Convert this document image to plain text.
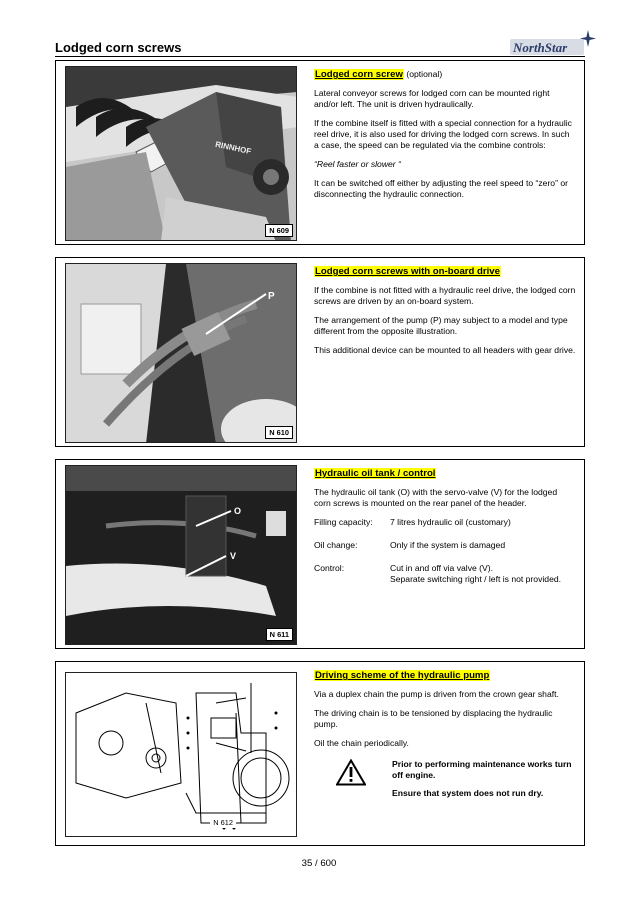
Lodged corn screws	NorthStar
RINNHOF
N 609
Lodged corn screw (optional)

Lateral conveyor screws for lodged corn can be mounted right and/or left. The unit is driven hydraulically.

If the combine itself is fitted with a special connection for a hydraulic reel drive, it is also used for driving the lodged corn screws. In such a case, the speed can be regulated via the combine controls:

“Reel faster or slower “

It can be switched off either by adjusting the reel speed to “zero” or disconnecting the hydraulic connection.

P
N 610
Lodged corn screws with on-board drive

If the combine is not fitted with a hydraulic reel drive, the lodged corn screws are driven by an on-board system.

The arrangement of the pump (P) may subject to a model and type different from the opposite illustration.

This additional device can be mounted to all headers with gear drive.

O
V
N 611
Hydraulic oil tank / control

The hydraulic oil tank (O) with the servo-valve (V) for the lodged corn screws is mounted on the rear panel of the header.

Filling capacity:	7 litres hydraulic oil (customary)
Oil change:	Only if the system is damaged
Control:	Cut in and off via valve (V).
Separate switching right / left is not provided.
N 612
Driving scheme of the hydraulic pump

Via a duplex chain the pump is driven from the crown gear shaft.

The driving chain is to be tensioned by displacing the hydraulic pump.

Oil the chain periodically.

Prior to performing maintenance works turn off engine.

Ensure that system does not run dry.

35 / 600
